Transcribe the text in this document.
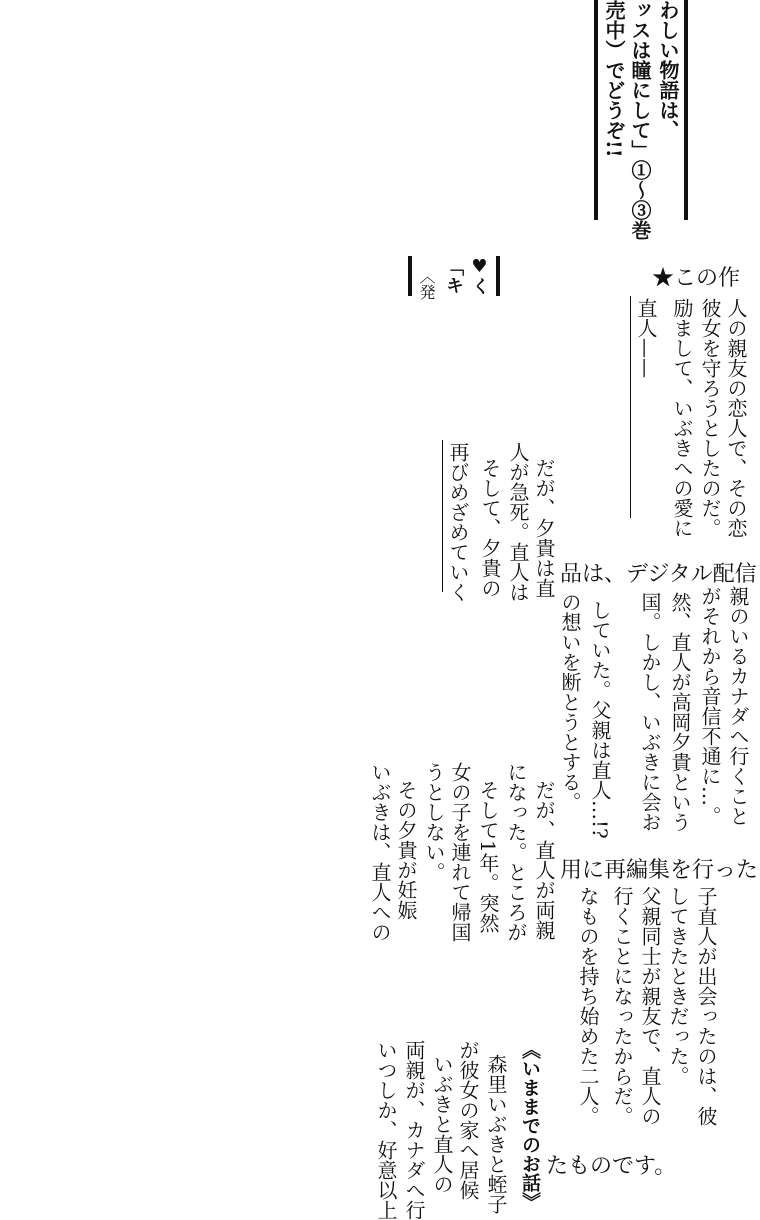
わしい物語は、
ッスは瞳にして」①〜③巻
売中）でどうぞ!!
♥く
「キ
〈発	★この作
品は、デジタル配信
用に再編集を行った
たものです。
人の親友の恋人で、その恋
彼女を守ろうとしたのだ。
励まして、いぶきへの愛に
直人——
だが、夕貴は直
人が急死。直人は
そして、夕貴の
再びめざめていく
親のいるカナダへ行くこと
がそれから音信不通に…。
然、直人が高岡夕貴という
国。しかし、いぶきに会お
していた。父親は直人…!?
の想いを断とうとする。
だが、直人が両親
になった。ところが
そして1年。突然
女の子を連れて帰国
うとしない。
その夕貴が妊娠
いぶきは、直人への
子直人が出会ったのは、彼
してきたときだった。
父親同士が親友で、直人の
行くことになったからだ。
なものを持ち始めた二人。
《いままでのお話》
森里いぶきと蛭子
が彼女の家へ居候
いぶきと直人の
両親が、カナダへ行
いつしか、好意以上
